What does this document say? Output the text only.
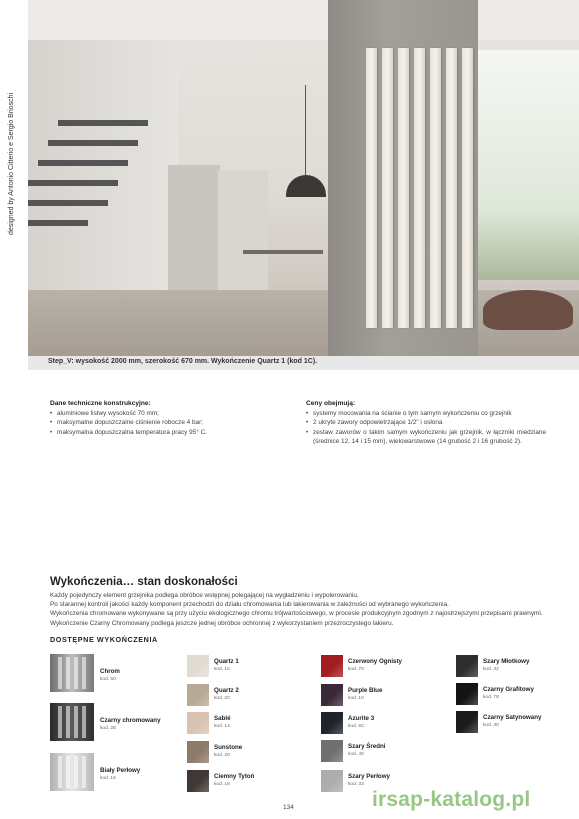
designed by Antonio Citterio e Sergio Brioschi
Step_V: wysokość 2000 mm, szerokość 670 mm. Wykończenie Quartz 1 (kod 1C).
Dane techniczne konstrukcyjne:
• aluminiowe listwy wysokość 70 mm;
• maksymalne dopuszczalne ciśnienie robocze 4 bar;
• maksymalna dopuszczalna temperatura pracy 95° C.
Ceny obejmują:
• systemy mocowania na ścianie o tym samym wykończeniu co grzejnik
• 2 ukryte zawory odpowietrzające 1/2" i osłona
• zestaw zaworów o takim samym wykończeniu jak grzejnik, w łączniki miedziane (średnice 12, 14 i 15 mm), wielowarstwowe (14 grubość 2 i 16 grubość 2).
Wykończenia… stan doskonałości

Każdy pojedynczy element grzejnika podlega obróbce wstępnej polegającej na wygładzeniu i wypolerowaniu.

Po starannej kontroli jakości każdy komponent przechodzi do działu chromowania lub lakierowania w zależności od wybranego wykończenia.

Wykończenia chromowane wykonywane są przy użyciu ekologicznego chromu trójwartościowego, w procesie produkcyjnym zgodnym z najostrzejszymi przepisami prawnymi. Wykończenie Czarny Chromowany podlega jeszcze jednej obróbce ochronnej z wykorzystaniem przezroczystego lakieru.

DOSTĘPNE WYKOŃCZENIA
Chrom
kod. 50
Czarny chromowany
kod. 2E
Biały Perłowy
kod. 16
Quartz 1
kod. 1C
Quartz 2
kod. 2C
Sablé
kod. 14
Sunstone
kod. 20
Ciemny Tytoń
kod. 18
Czerwony Ognisty
kod. 70
Purple Blue
kod. 10
Azurite 3
kod. 6C
Szary Średni
kod. 40
Szary Perłowy
kod. 33
Szary Młotkowy
kod. 32
Czarny Grafitowy
kod. 78
Czarny Satynowany
kod. 30
irsap-katalog.pl
134
